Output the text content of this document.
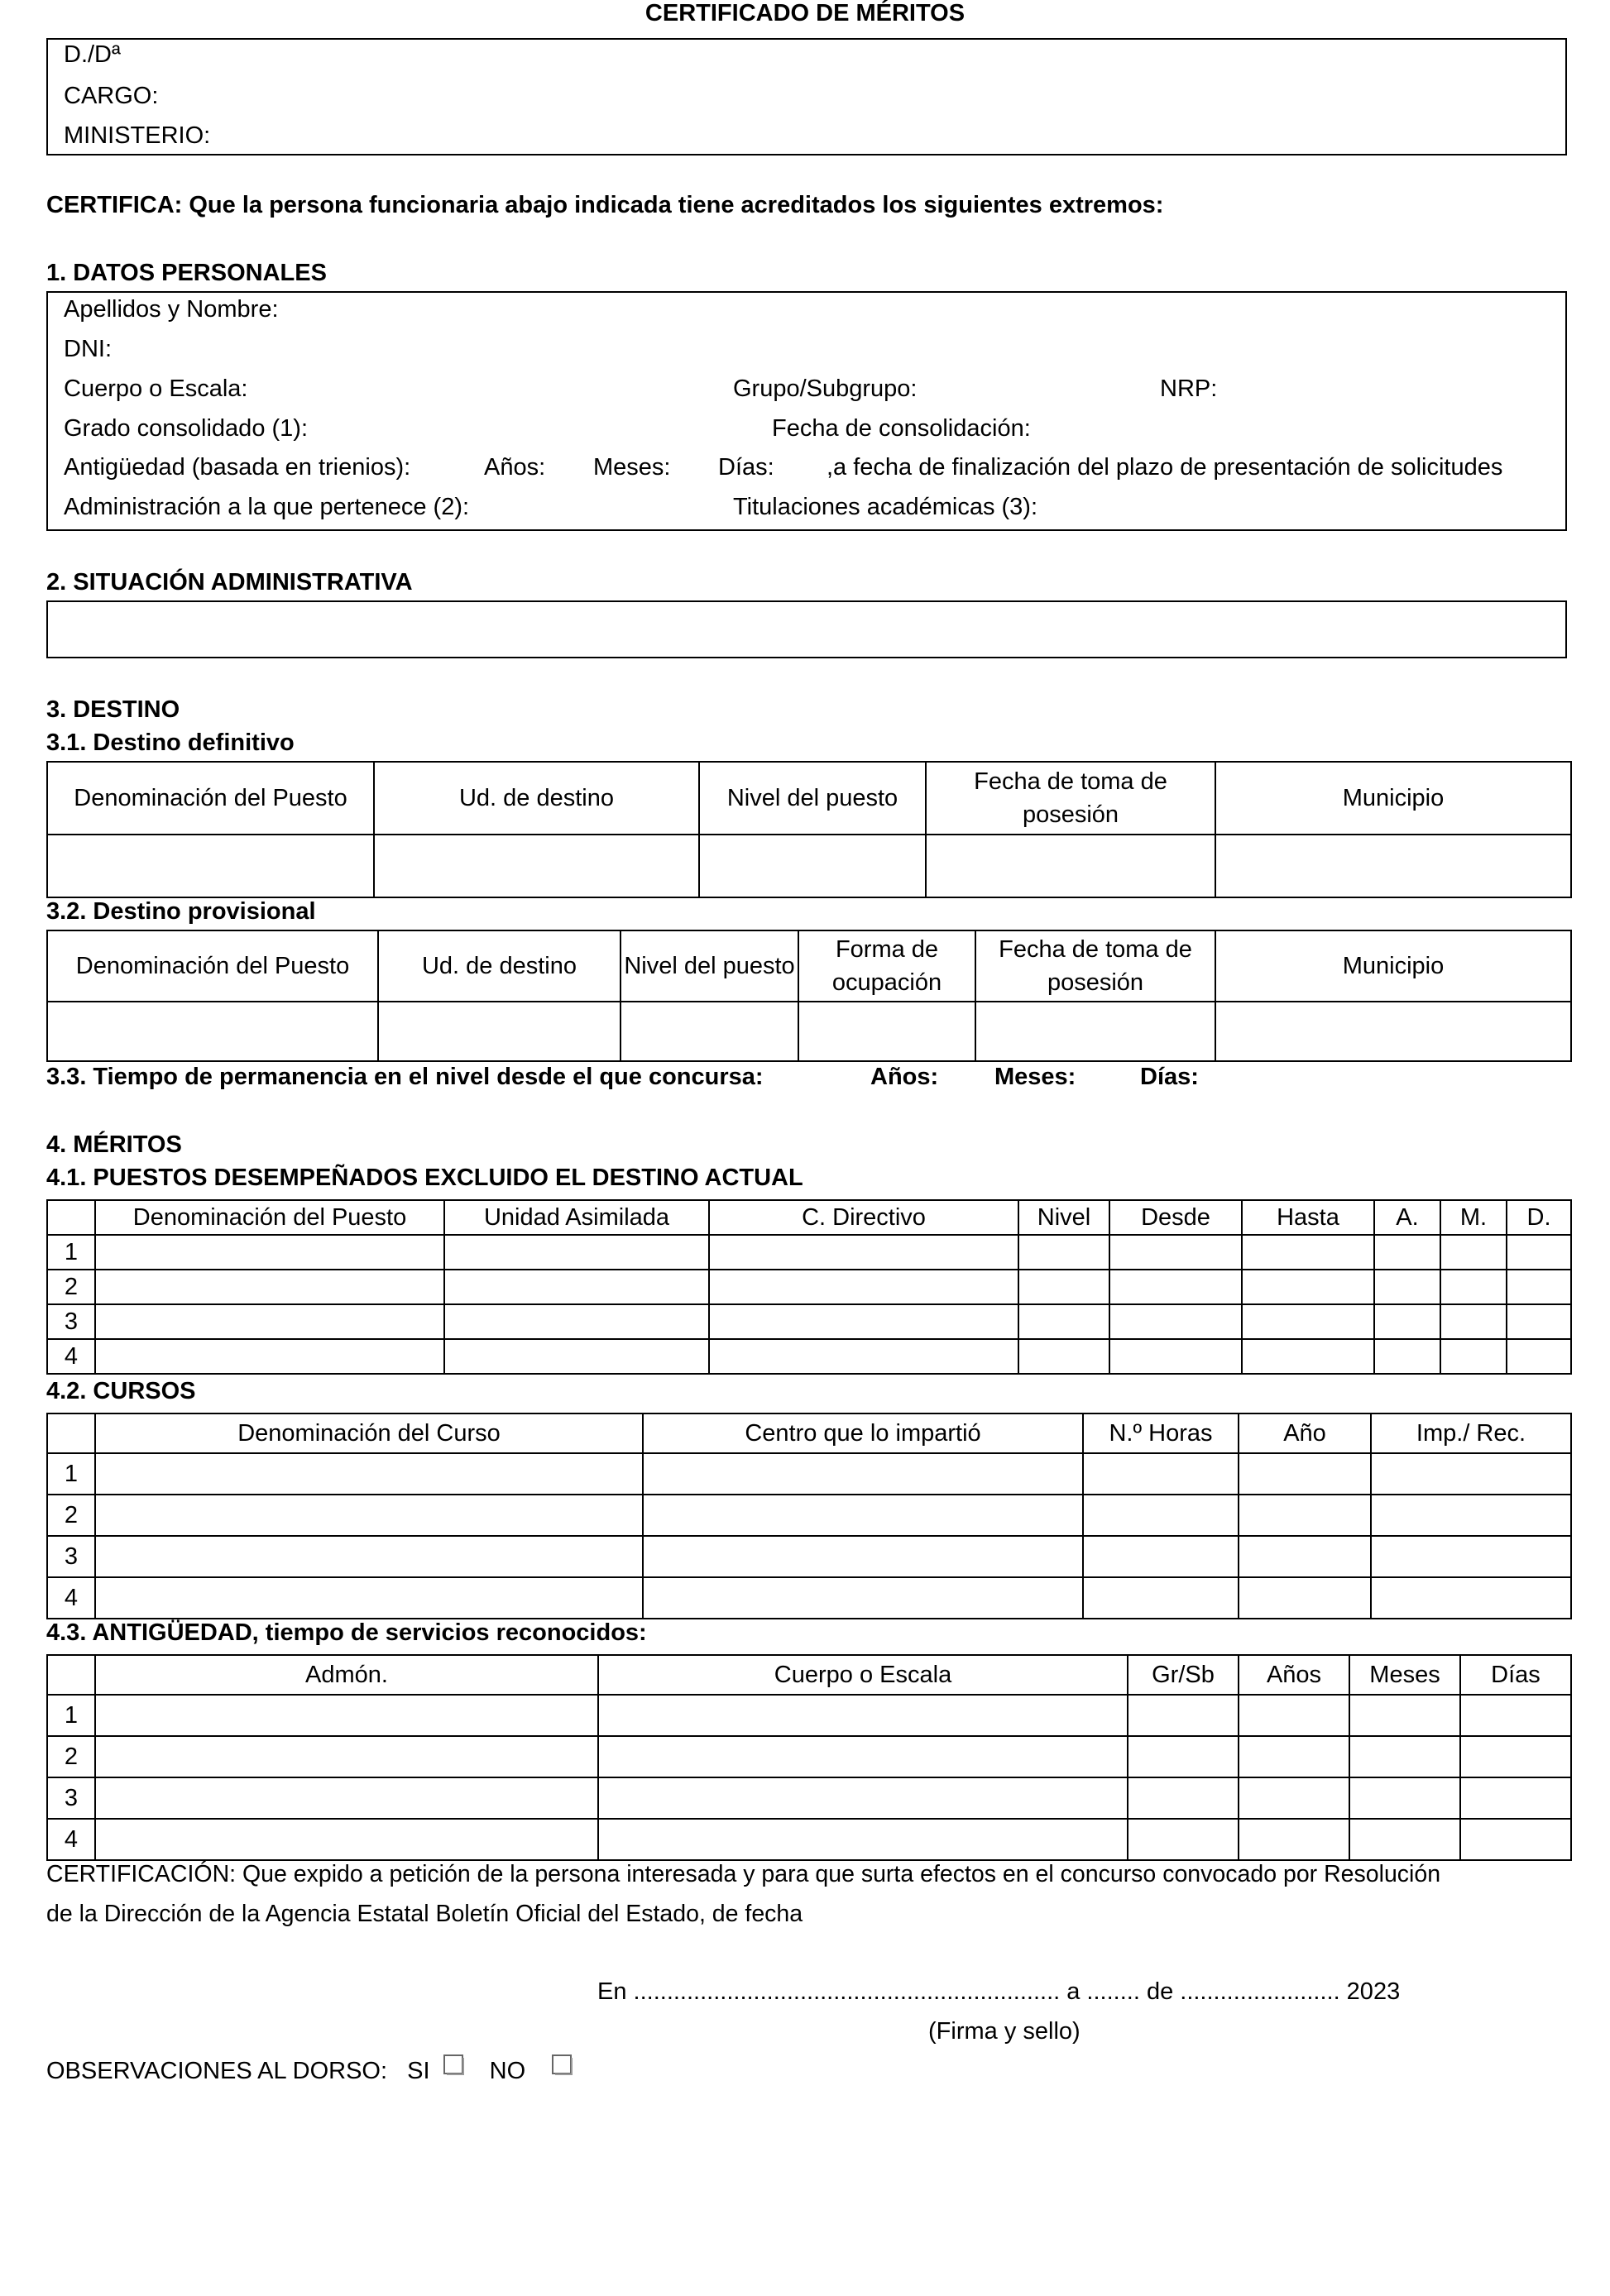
CERTIFICADO DE MÉRITOS
D./Dª
CARGO:
MINISTERIO:
CERTIFICA: Que la persona funcionaria abajo indicada tiene acreditados los siguientes extremos:
1. DATOS PERSONALES
Apellidos y Nombre:
DNI:
Cuerpo o Escala:	Grupo/Subgrupo:	NRP:
Grado consolidado (1):	Fecha de consolidación:
Antigüedad (basada en trienios):	Años: Meses: Días: ,a fecha de finalización del plazo de presentación de solicitudes
Administración a la que pertenece (2):	Titulaciones académicas (3):
2. SITUACIÓN ADMINISTRATIVA
3. DESTINO
3.1. Destino definitivo
Denominación del Puesto	Ud. de destino	Nivel del puesto	Fecha de toma de posesión	Municipio

3.2. Destino provisional
Denominación del Puesto	Ud. de destino	Nivel del puesto	Forma de ocupación	Fecha de toma de posesión	Municipio

3.3. Tiempo de permanencia en el nivel desde el que concursa:	Años: Meses:	Días:
4. MÉRITOS
4.1. PUESTOS DESEMPEÑADOS EXCLUIDO EL DESTINO ACTUAL
	Denominación del Puesto	Unidad Asimilada	C. Directivo	Nivel	Desde	Hasta	A.	M.	D.
1									
2									
3									
4									
4.2. CURSOS
	Denominación del Curso	Centro que lo impartió	N.º Horas	Año	Imp./ Rec.
1					
2					
3					
4					
4.3. ANTIGÜEDAD, tiempo de servicios reconocidos:
	Admón.	Cuerpo o Escala	Gr/Sb	Años	Meses	Días
1						
2						
3						
4						
CERTIFICACIÓN: Que expido a petición de la persona interesada y para que surta efectos en el concurso convocado por Resolución
de la Dirección de la Agencia Estatal Boletín Oficial del Estado, de fecha
En ................................................................ a ........ de ........................ 2023
(Firma y sello)
OBSERVACIONES AL DORSO: SI NO
